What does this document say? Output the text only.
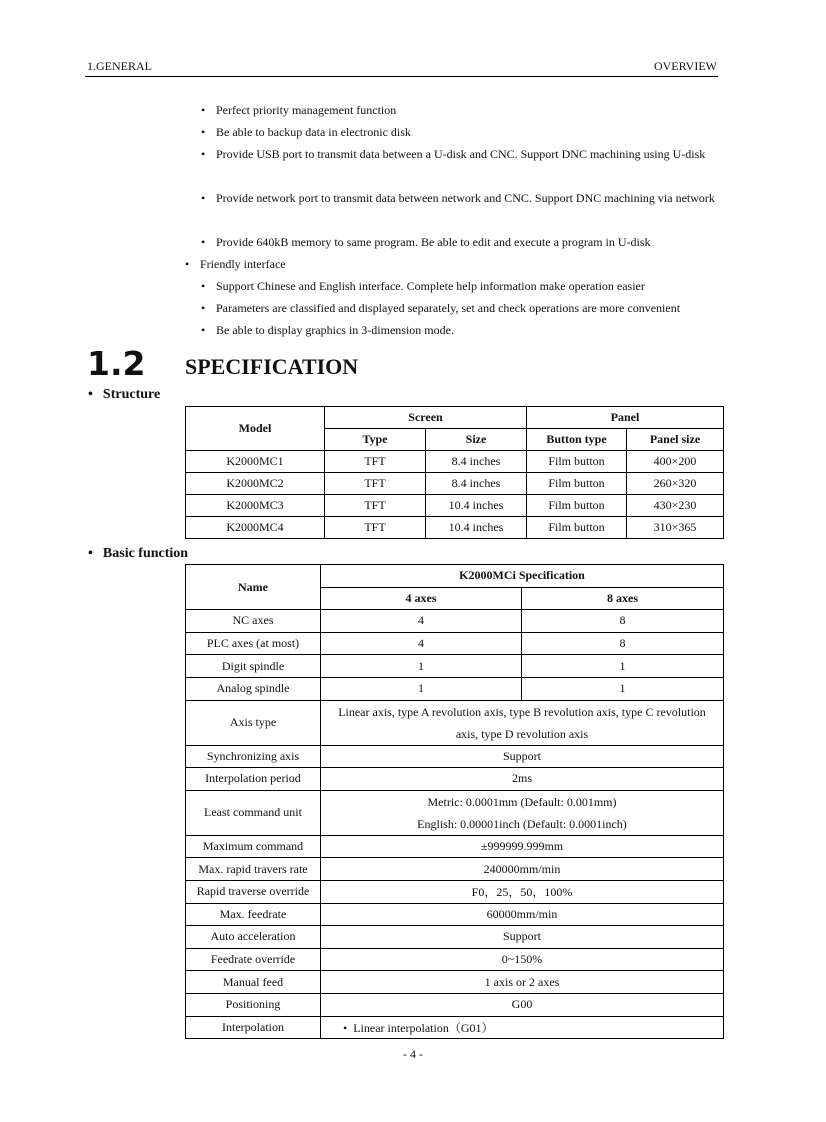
1.GENERAL	OVERVIEW
• Perfect priority management function
• Be able to backup data in electronic disk
• Provide USB port to transmit data between a U-disk and CNC. Support DNC machining using U-disk
• Provide network port to transmit data between network and CNC. Support DNC machining via network
• Provide 640kB memory to same program. Be able to edit and execute a program in U-disk
• Friendly interface
• Support Chinese and English interface. Complete help information make operation easier
• Parameters are classified and displayed separately, set and check operations are more convenient
• Be able to display graphics in 3-dimension mode.
1.2 SPECIFICATION
• Structure
Model	Screen		Panel	
	Type	Size	Button type	Panel size
K2000MC1	TFT	8.4 inches	Film button	400×200
K2000MC2	TFT	8.4 inches	Film button	260×320
K2000MC3	TFT	10.4 inches	Film button	430×230
K2000MC4	TFT	10.4 inches	Film button	310×365
• Basic function
Name	K2000MCi Specification	
	4 axes	8 axes
NC axes	4	8
PLC axes (at most)	4	8
Digit spindle	1	1
Analog spindle	1	1
Axis type	Linear axis, type A revolution axis, type B revolution axis, type C revolution axis, type D revolution axis	
Synchronizing axis	Support	
Interpolation period	2ms	
Least command unit	Metric: 0.0001mm (Default: 0.001mm)
English: 0.00001inch (Default: 0.0001inch)	

Maximum command	±999999.999mm	
Max. rapid travers rate	240000mm/min	
Rapid traverse override	F0，25，50，100%	
Max. feedrate	60000mm/min	
Auto acceleration	Support	
Feedrate override	0~150%	
Manual feed	1 axis or 2 axes	
Positioning	G00	
Interpolation	•  Linear interpolation（G01）	
- 4 -
